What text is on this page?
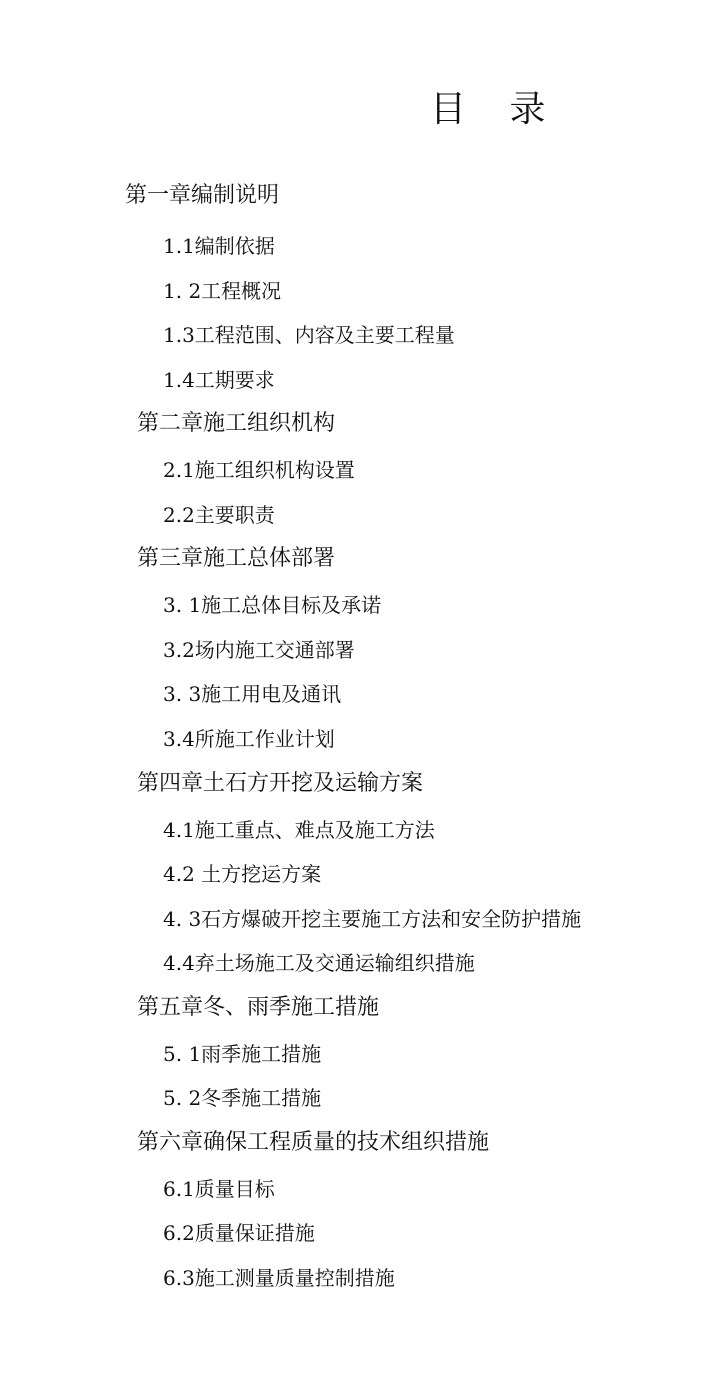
目 录
第一章编制说明
1.1编制依据
1. 2工程概况
1.3工程范围、内容及主要工程量
1.4工期要求
第二章施工组织机构
2.1施工组织机构设置
2.2主要职责
第三章施工总体部署
3. 1施工总体目标及承诺
3.2场内施工交通部署
3. 3施工用电及通讯
3.4所施工作业计划
第四章土石方开挖及运输方案
4.1施工重点、难点及施工方法
4.2 土方挖运方案
4. 3石方爆破开挖主要施工方法和安全防护措施
4.4弃土场施工及交通运输组织措施
第五章冬、雨季施工措施
5. 1雨季施工措施
5. 2冬季施工措施
第六章确保工程质量的技术组织措施
6.1质量目标
6.2质量保证措施
6.3施工测量质量控制措施
